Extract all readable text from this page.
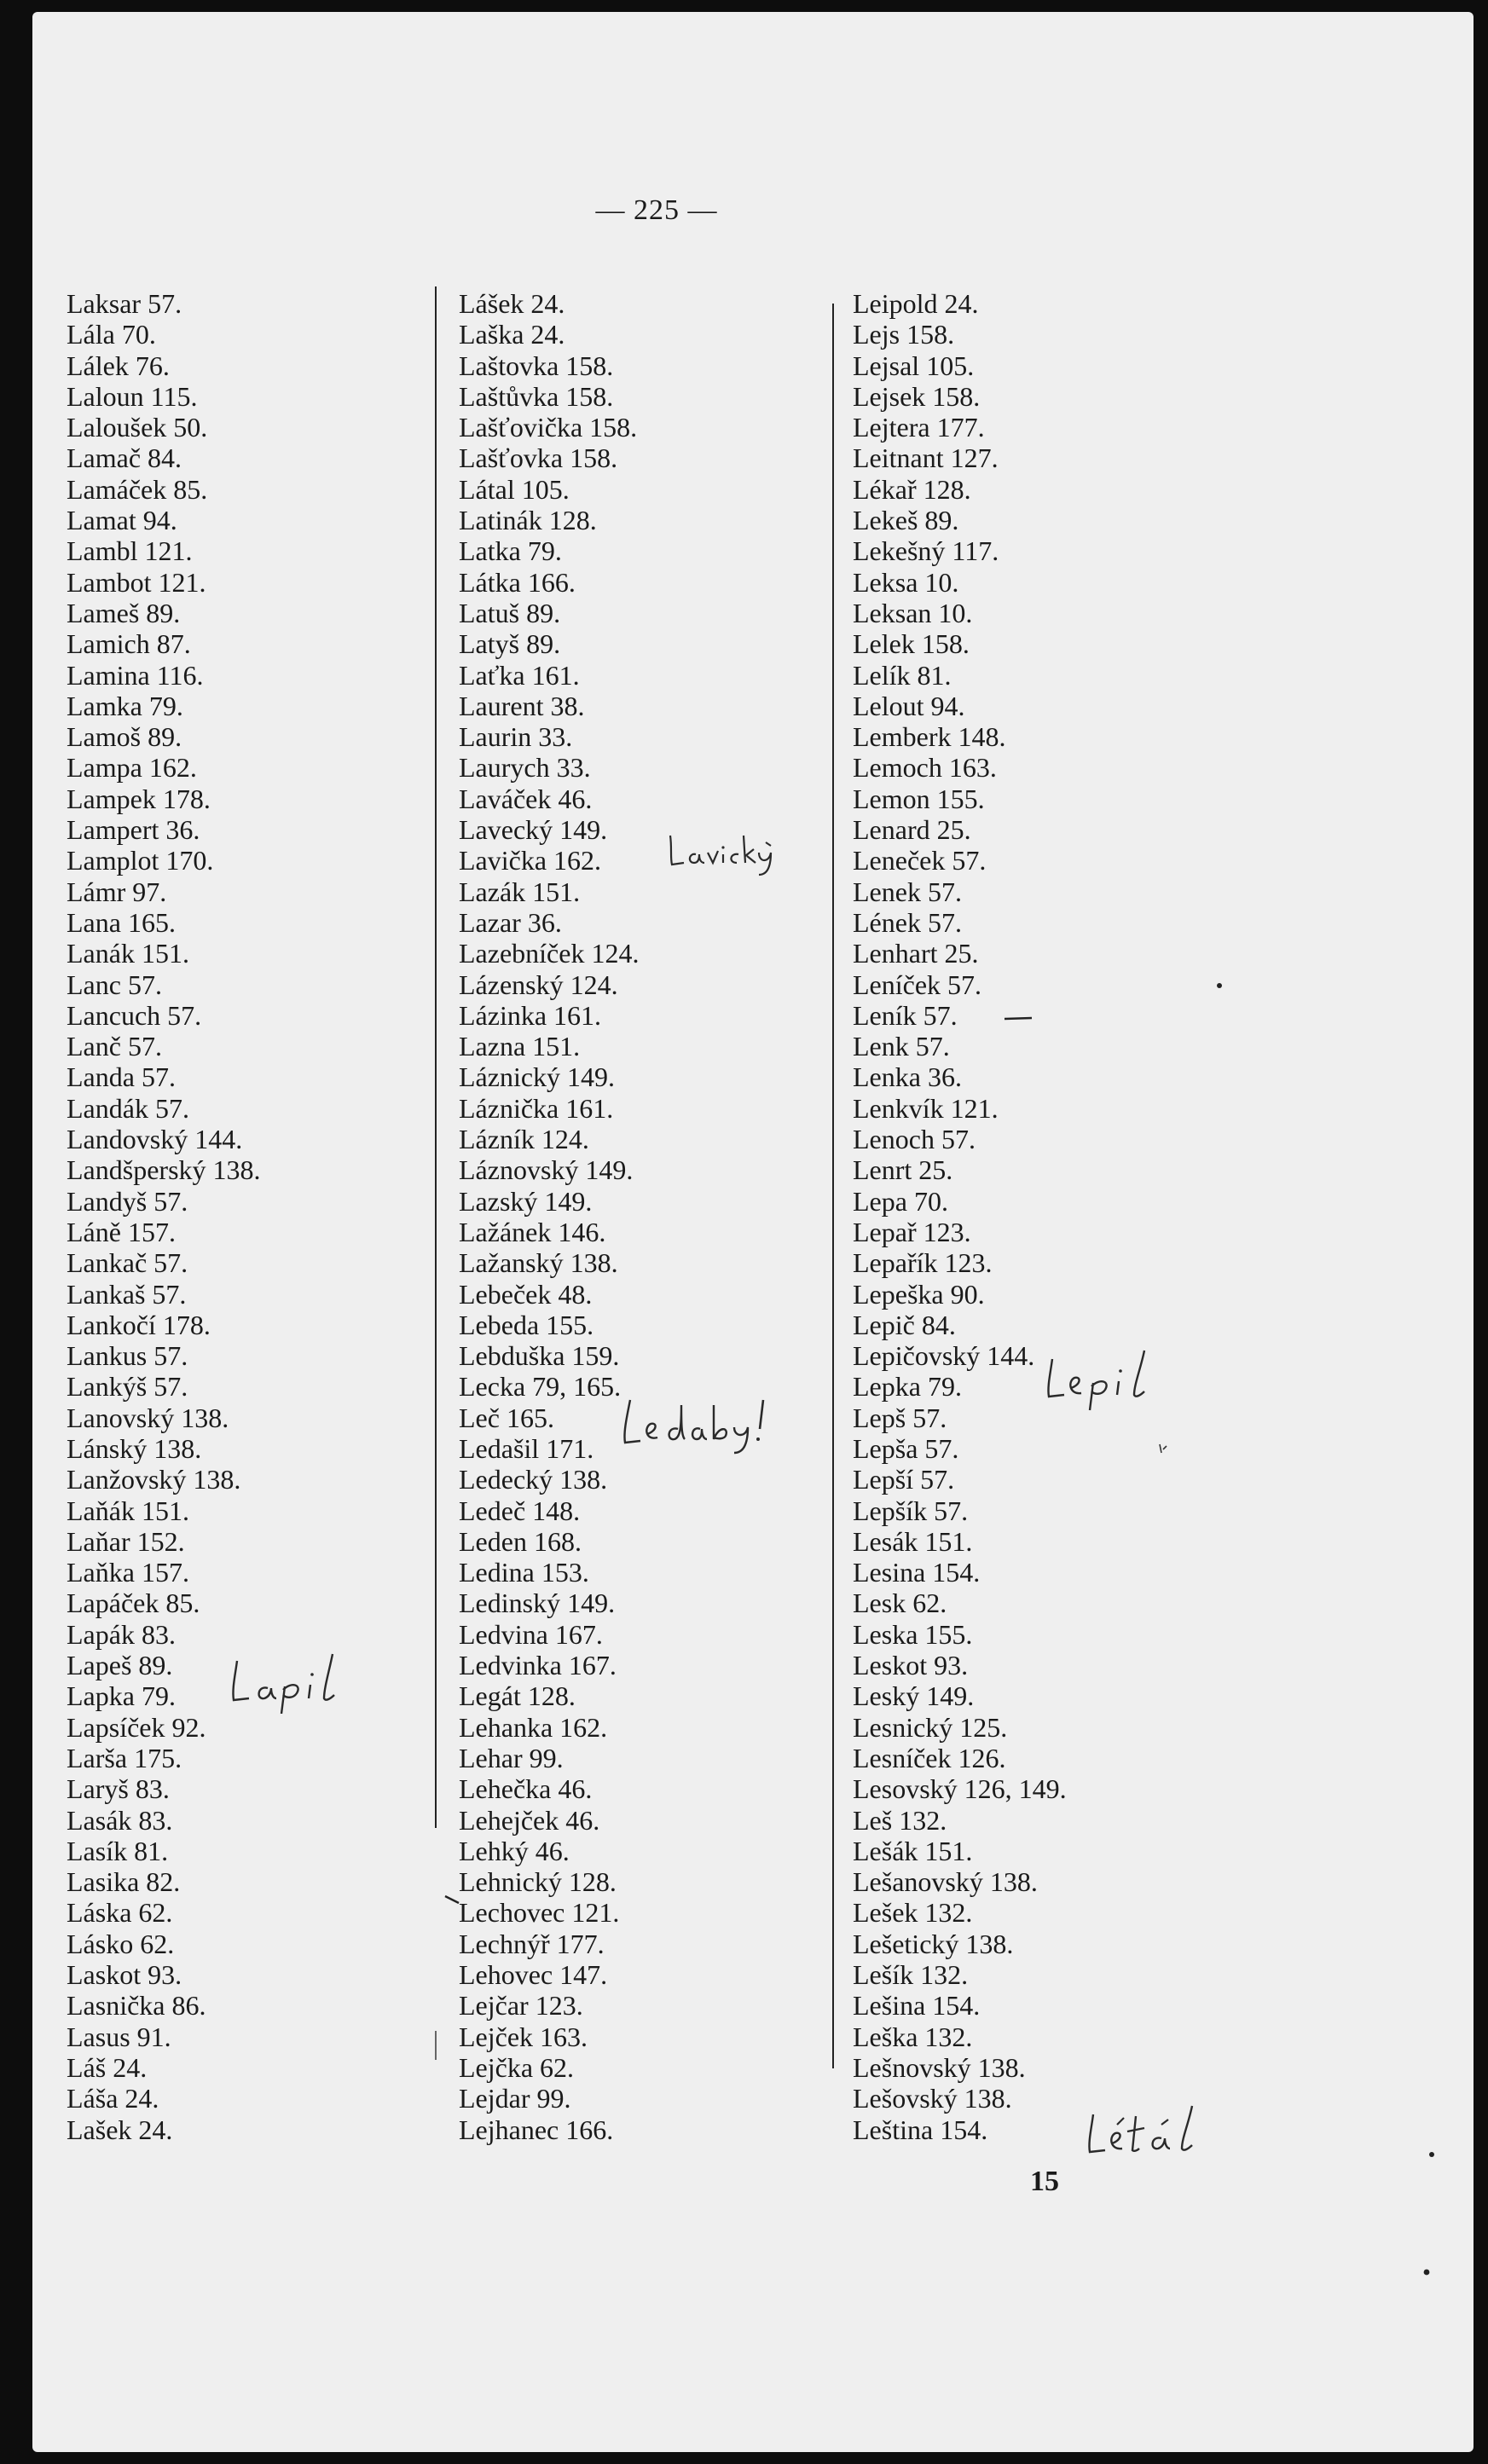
— 225 —
Laksar 57.
Lála 70.
Lálek 76.
Laloun 115.
Laloušek 50.
Lamač 84.
Lamáček 85.
Lamat 94.
Lambl 121.
Lambot 121.
Lameš 89.
Lamich 87.
Lamina 116.
Lamka 79.
Lamoš 89.
Lampa 162.
Lampek 178.
Lampert 36.
Lamplot 170.
Lámr 97.
Lana 165.
Lanák 151.
Lanc 57.
Lancuch 57.
Lanč 57.
Landa 57.
Landák 57.
Landovský 144.
Landšperský 138.
Landyš 57.
Láně 157.
Lankač 57.
Lankaš 57.
Lankočí 178.
Lankus 57.
Lankýš 57.
Lanovský 138.
Lánský 138.
Lanžovský 138.
Laňák 151.
Laňar 152.
Laňka 157.
Lapáček 85.
Lapák 83.
Lapeš 89.
Lapka 79.
Lapsíček 92.
Larša 175.
Laryš 83.
Lasák 83.
Lasík 81.
Lasika 82.
Láska 62.
Lásko 62.
Laskot 93.
Lasnička 86.
Lasus 91.
Láš 24.
Láša 24.
Lašek 24.
Lášek 24.
Laška 24.
Laštovka 158.
Laštůvka 158.
Lašťovička 158.
Lašťovka 158.
Látal 105.
Latinák 128.
Latka 79.
Látka 166.
Latuš 89.
Latyš 89.
Laťka 161.
Laurent 38.
Laurin 33.
Laurych 33.
Laváček 46.
Lavecký 149.
Lavička 162.
Lazák 151.
Lazar 36.
Lazebníček 124.
Lázenský 124.
Lázinka 161.
Lazna 151.
Láznický 149.
Láznička 161.
Lázník 124.
Láznovský 149.
Lazský 149.
Lažánek 146.
Lažanský 138.
Lebeček 48.
Lebeda 155.
Lebduška 159.
Lecka 79, 165.
Leč 165.
Ledašil 171.
Ledecký 138.
Ledeč 148.
Leden 168.
Ledina 153.
Ledinský 149.
Ledvina 167.
Ledvinka 167.
Legát 128.
Lehanka 162.
Lehar 99.
Lehečka 46.
Lehejček 46.
Lehký 46.
Lehnický 128.
Lechovec 121.
Lechnýř 177.
Lehovec 147.
Lejčar 123.
Lejček 163.
Lejčka 62.
Lejdar 99.
Lejhanec 166.
Leipold 24.
Lejs 158.
Lejsal 105.
Lejsek 158.
Lejtera 177.
Leitnant 127.
Lékař 128.
Lekeš 89.
Lekešný 117.
Leksa 10.
Leksan 10.
Lelek 158.
Lelík 81.
Lelout 94.
Lemberk 148.
Lemoch 163.
Lemon 155.
Lenard 25.
Leneček 57.
Lenek 57.
Lének 57.
Lenhart 25.
Leníček 57.
Leník 57.
Lenk 57.
Lenka 36.
Lenkvík 121.
Lenoch 57.
Lenrt 25.
Lepa 70.
Lepař 123.
Lepařík 123.
Lepeška 90.
Lepič 84.
Lepičovský 144.
Lepka 79.
Lepš 57.
Lepša 57.
Lepší 57.
Lepšík 57.
Lesák 151.
Lesina 154.
Lesk 62.
Leska 155.
Leskot 93.
Leský 149.
Lesnický 125.
Lesníček 126.
Lesovský 126, 149.
Leš 132.
Lešák 151.
Lešanovský 138.
Lešek 132.
Lešetický 138.
Lešík 132.
Lešina 154.
Leška 132.
Lešnovský 138.
Lešovský 138.
Leština 154.
15
